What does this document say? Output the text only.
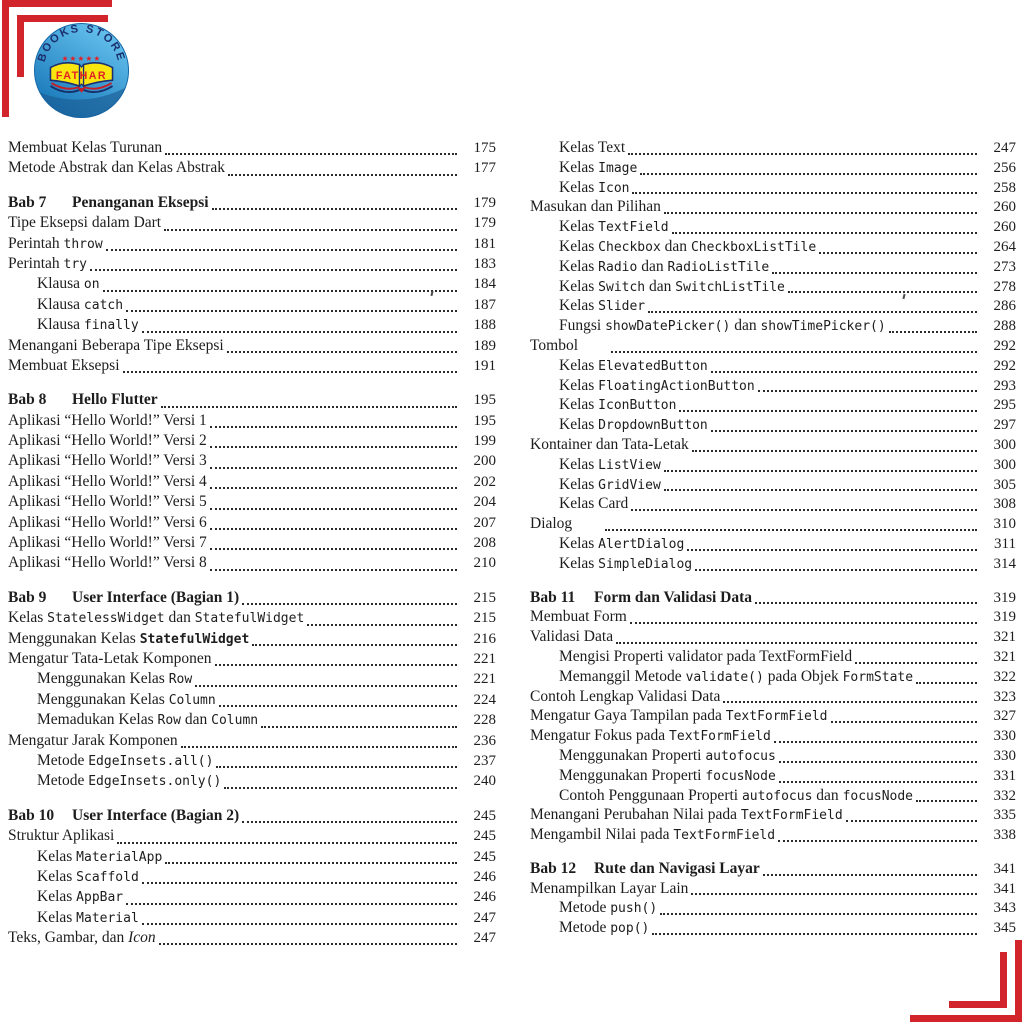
BOOKS STORE
★★★★★
FATHAR
Membuat Kelas Turunan	175
Metode Abstrak dan Kelas Abstrak	177
Bab 7	Penanganan Eksepsi	179
Tipe Eksepsi dalam Dart	179
Perintah throw	181
Perintah try	183
Klausa on	184
Klausa catch	187
Klausa finally	188
Menangani Beberapa Tipe Eksepsi	189
Membuat Eksepsi	191
Bab 8	Hello Flutter	195
Aplikasi “Hello World!” Versi 1	195
Aplikasi “Hello World!” Versi 2	199
Aplikasi “Hello World!” Versi 3	200
Aplikasi “Hello World!” Versi 4	202
Aplikasi “Hello World!” Versi 5	204
Aplikasi “Hello World!” Versi 6	207
Aplikasi “Hello World!” Versi 7	208
Aplikasi “Hello World!” Versi 8	210
Bab 9	User Interface (Bagian 1)	215
Kelas StatelessWidget dan StatefulWidget	215
Menggunakan Kelas StatefulWidget	216
Mengatur Tata-Letak Komponen	221
Menggunakan Kelas Row	221
Menggunakan Kelas Column	224
Memadukan Kelas Row dan Column	228
Mengatur Jarak Komponen	236
Metode EdgeInsets.all()	237
Metode EdgeInsets.only()	240
Bab 10	User Interface (Bagian 2)	245
Struktur Aplikasi	245
Kelas MaterialApp	245
Kelas Scaffold	246
Kelas AppBar	246
Kelas Material	247
Teks, Gambar, dan Icon	247
Kelas Text	247
Kelas Image	256
Kelas Icon	258
Masukan dan Pilihan	260
Kelas TextField	260
Kelas Checkbox dan CheckboxListTile	264
Kelas Radio dan RadioListTile	273
Kelas Switch dan SwitchListTile	278
Kelas Slider	286
Fungsi showDatePicker() dan showTimePicker()	288
Tombol	292
Kelas ElevatedButton	292
Kelas FloatingActionButton	293
Kelas IconButton	295
Kelas DropdownButton	297
Kontainer dan Tata-Letak	300
Kelas ListView	300
Kelas GridView	305
Kelas Card	308
Dialog	310
Kelas AlertDialog	311
Kelas SimpleDialog	314
Bab 11	Form dan Validasi Data	319
Membuat Form	319
Validasi Data	321
Mengisi Properti validator pada TextFormField	321
Memanggil Metode validate() pada Objek FormState	322
Contoh Lengkap Validasi Data	323
Mengatur Gaya Tampilan pada TextFormField	327
Mengatur Fokus pada TextFormField	330
Menggunakan Properti autofocus	330
Menggunakan Properti focusNode	331
Contoh Penggunaan Properti autofocus dan focusNode	332
Menangani Perubahan Nilai pada TextFormField	335
Mengambil Nilai pada TextFormField	338
Bab 12	Rute dan Navigasi Layar	341
Menampilkan Layar Lain	341
Metode push()	343
Metode pop()	345
